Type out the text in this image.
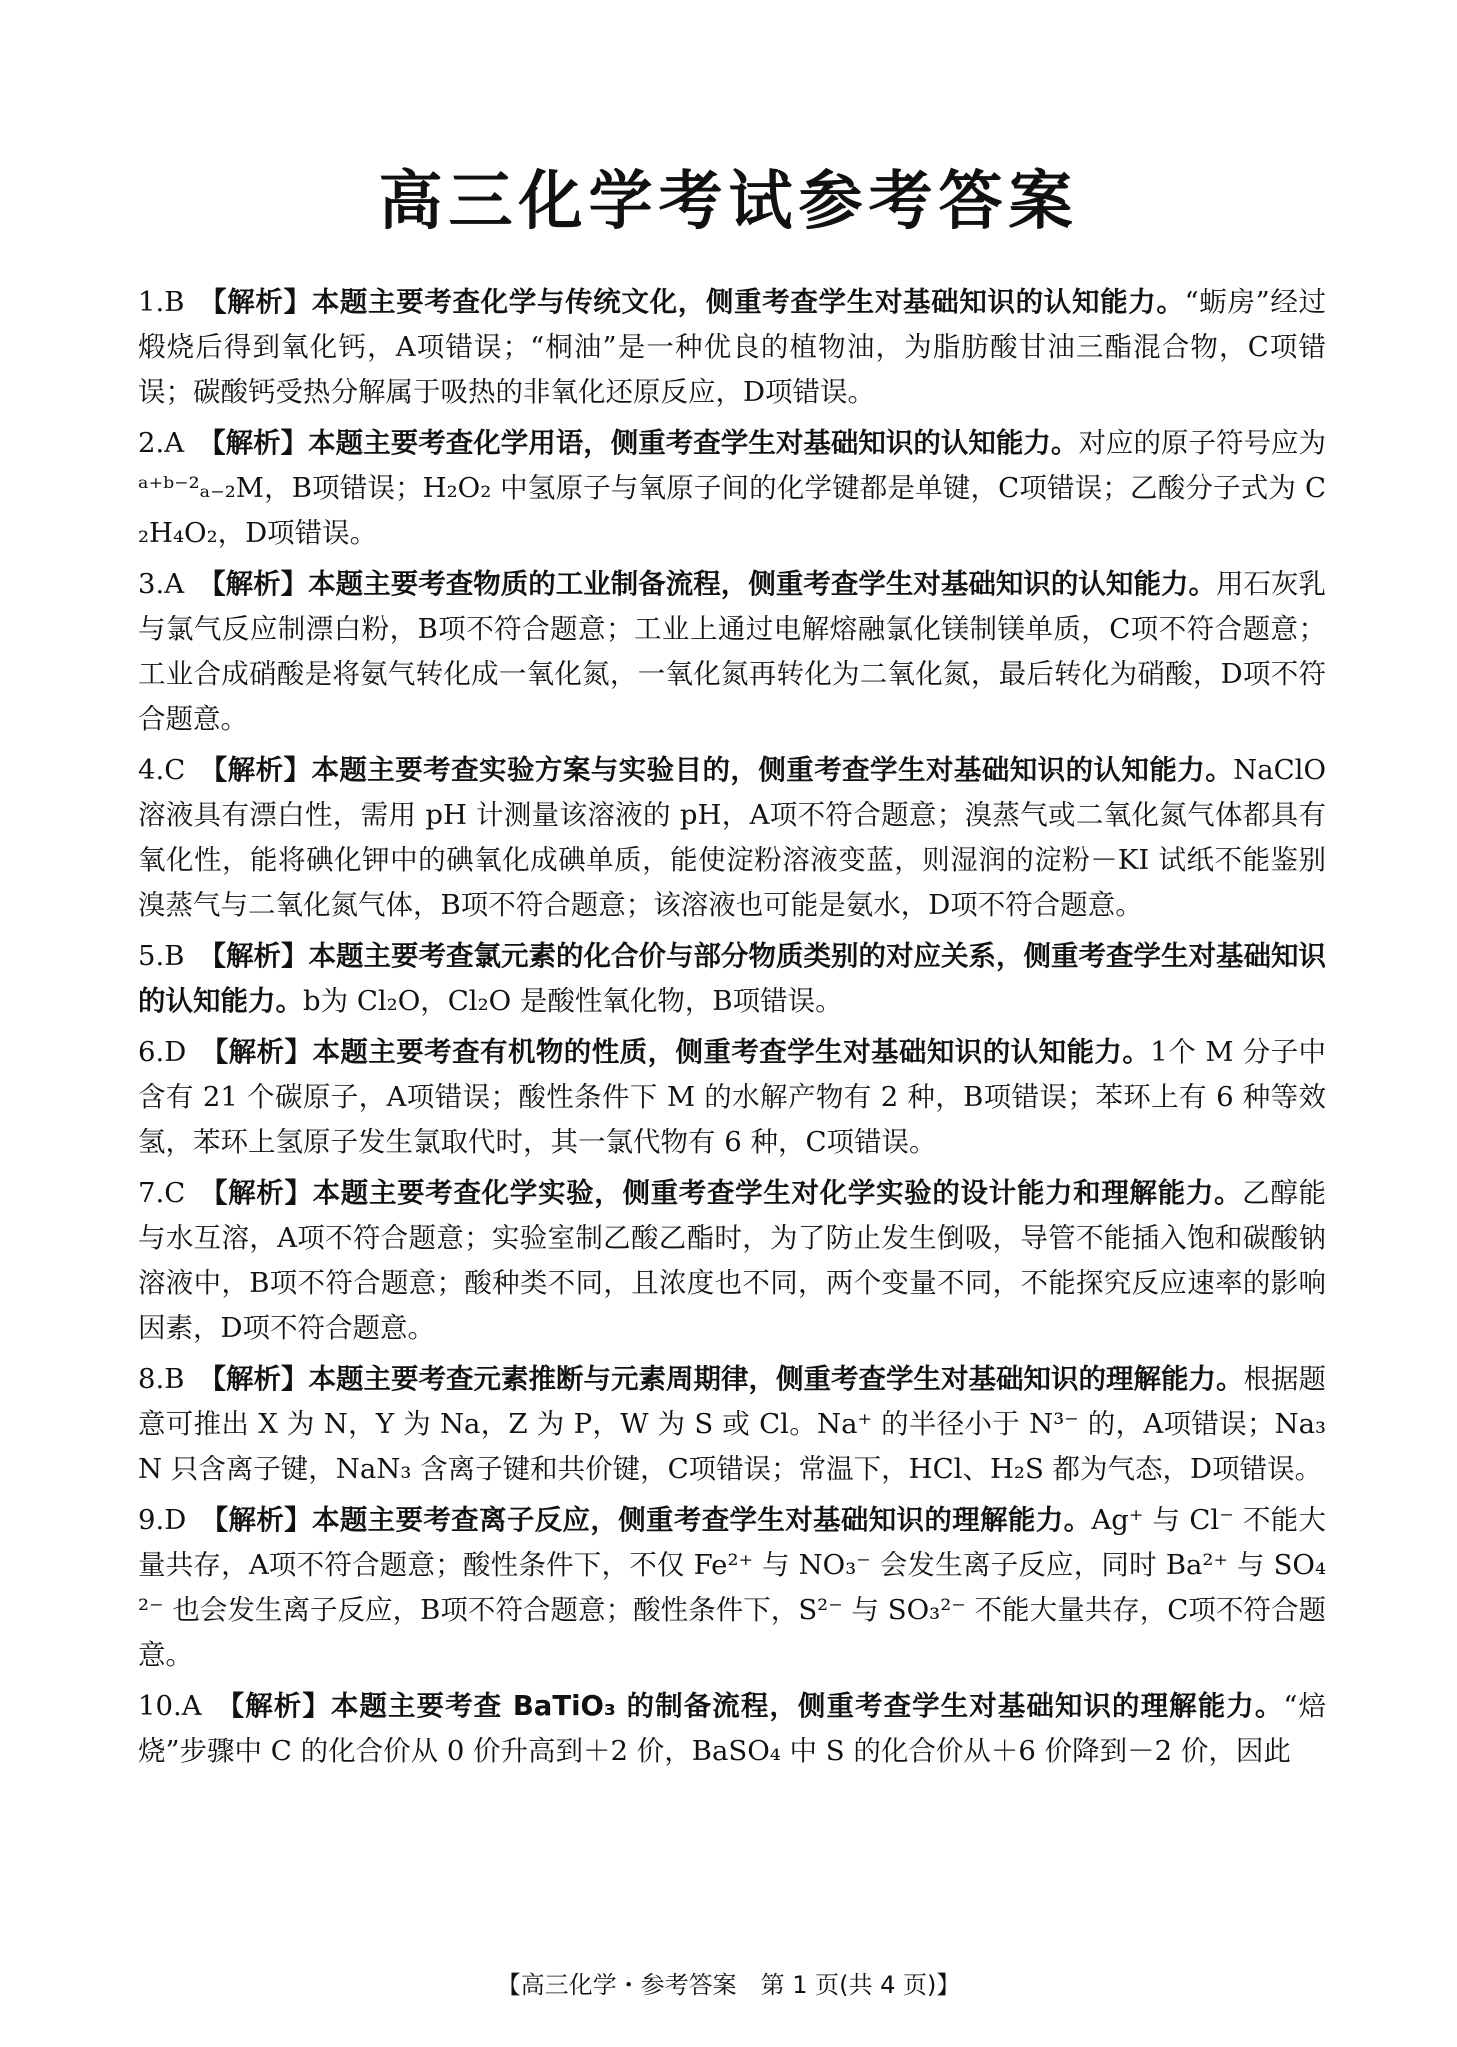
高三化学考试参考答案

1.B 【解析】本题主要考查化学与传统文化，侧重考查学生对基础知识的认知能力。“蛎房”经过煅烧后得到氧化钙，A项错误；“桐油”是一种优良的植物油，为脂肪酸甘油三酯混合物，C项错误；碳酸钙受热分解属于吸热的非氧化还原反应，D项错误。

2.A 【解析】本题主要考查化学用语，侧重考查学生对基础知识的认知能力。对应的原子符号应为ᵃ⁺ᵇ⁻²ₐ₋₂M，B项错误；H₂O₂ 中氢原子与氧原子间的化学键都是单键，C项错误；乙酸分子式为 C₂H₄O₂，D项错误。

3.A 【解析】本题主要考查物质的工业制备流程，侧重考查学生对基础知识的认知能力。用石灰乳与氯气反应制漂白粉，B项不符合题意；工业上通过电解熔融氯化镁制镁单质，C项不符合题意；工业合成硝酸是将氨气转化成一氧化氮，一氧化氮再转化为二氧化氮，最后转化为硝酸，D项不符合题意。

4.C 【解析】本题主要考查实验方案与实验目的，侧重考查学生对基础知识的认知能力。NaClO溶液具有漂白性，需用 pH 计测量该溶液的 pH，A项不符合题意；溴蒸气或二氧化氮气体都具有氧化性，能将碘化钾中的碘氧化成碘单质，能使淀粉溶液变蓝，则湿润的淀粉－KI 试纸不能鉴别溴蒸气与二氧化氮气体，B项不符合题意；该溶液也可能是氨水，D项不符合题意。

5.B 【解析】本题主要考查氯元素的化合价与部分物质类别的对应关系，侧重考查学生对基础知识的认知能力。b为 Cl₂O，Cl₂O 是酸性氧化物，B项错误。

6.D 【解析】本题主要考查有机物的性质，侧重考查学生对基础知识的认知能力。1个 M 分子中含有 21 个碳原子，A项错误；酸性条件下 M 的水解产物有 2 种，B项错误；苯环上有 6 种等效氢，苯环上氢原子发生氯取代时，其一氯代物有 6 种，C项错误。

7.C 【解析】本题主要考查化学实验，侧重考查学生对化学实验的设计能力和理解能力。乙醇能与水互溶，A项不符合题意；实验室制乙酸乙酯时，为了防止发生倒吸，导管不能插入饱和碳酸钠溶液中，B项不符合题意；酸种类不同，且浓度也不同，两个变量不同，不能探究反应速率的影响因素，D项不符合题意。

8.B 【解析】本题主要考查元素推断与元素周期律，侧重考查学生对基础知识的理解能力。根据题意可推出 X 为 N，Y 为 Na，Z 为 P，W 为 S 或 Cl。Na⁺ 的半径小于 N³⁻ 的，A项错误；Na₃N 只含离子键，NaN₃ 含离子键和共价键，C项错误；常温下，HCl、H₂S 都为气态，D项错误。

9.D 【解析】本题主要考查离子反应，侧重考查学生对基础知识的理解能力。Ag⁺ 与 Cl⁻ 不能大量共存，A项不符合题意；酸性条件下，不仅 Fe²⁺ 与 NO₃⁻ 会发生离子反应，同时 Ba²⁺ 与 SO₄²⁻ 也会发生离子反应，B项不符合题意；酸性条件下，S²⁻ 与 SO₃²⁻ 不能大量共存，C项不符合题意。

10.A 【解析】本题主要考查 BaTiO₃ 的制备流程，侧重考查学生对基础知识的理解能力。“焙烧”步骤中 C 的化合价从 0 价升高到＋2 价，BaSO₄ 中 S 的化合价从＋6 价降到－2 价，因此

【高三化学・参考答案　第 1 页(共 4 页)】
